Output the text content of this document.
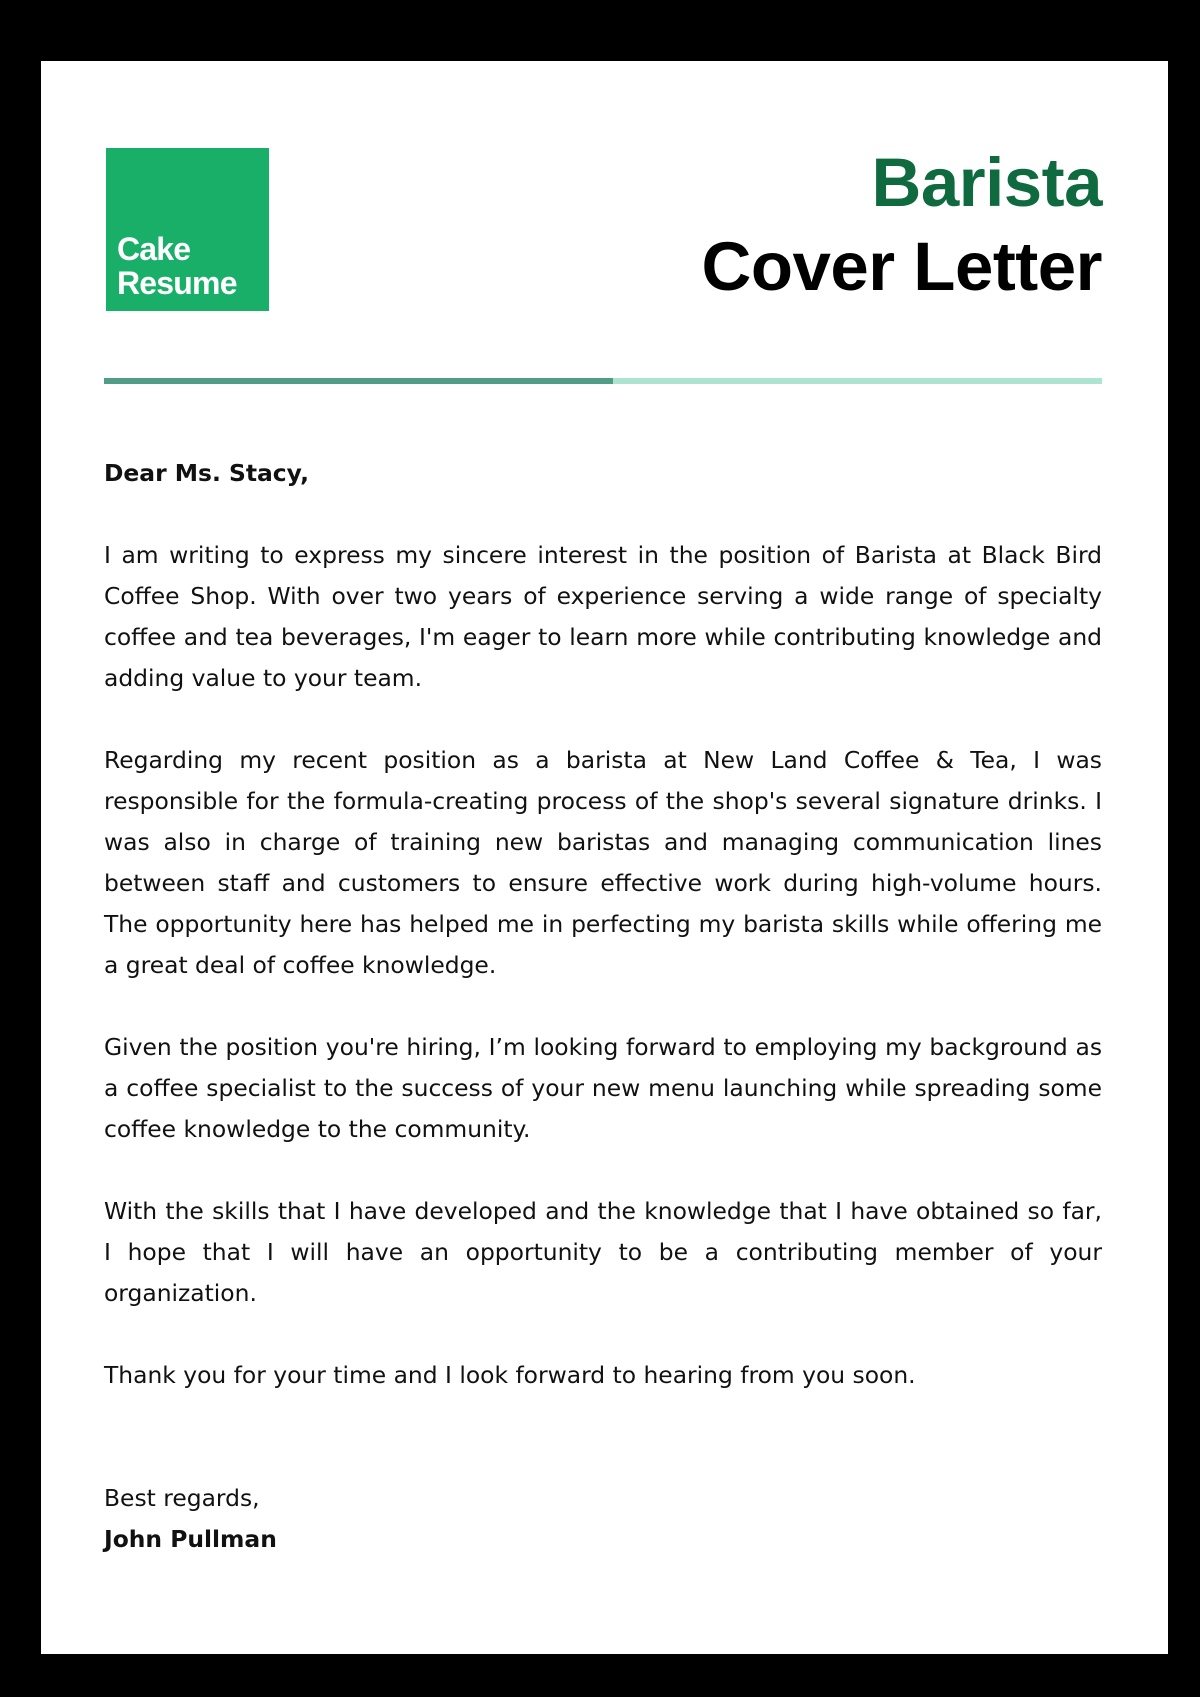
Cake
Resume
Barista
Cover Letter

Dear Ms. Stacy,

I am writing to express my sincere interest in the position of Barista at Black Bird Coffee Shop. With over two years of experience serving a wide range of specialty coffee and tea beverages, I'm eager to learn more while contributing knowledge and adding value to your team.

Regarding my recent position as a barista at New Land Coffee & Tea, I was responsible for the formula-creating process of the shop's several signature drinks. I was also in charge of training new baristas and managing communication lines between staff and customers to ensure effective work during high-volume hours. The opportunity here has helped me in perfecting my barista skills while offering me a great deal of coffee knowledge.

Given the position you're hiring, I’m looking forward to employing my background as a coffee specialist to the success of your new menu launching while spreading some coffee knowledge to the community.

With the skills that I have developed and the knowledge that I have obtained so far, I hope that I will have an opportunity to be a contributing member of your organization.

Thank you for your time and I look forward to hearing from you soon.

Best regards,

John Pullman
